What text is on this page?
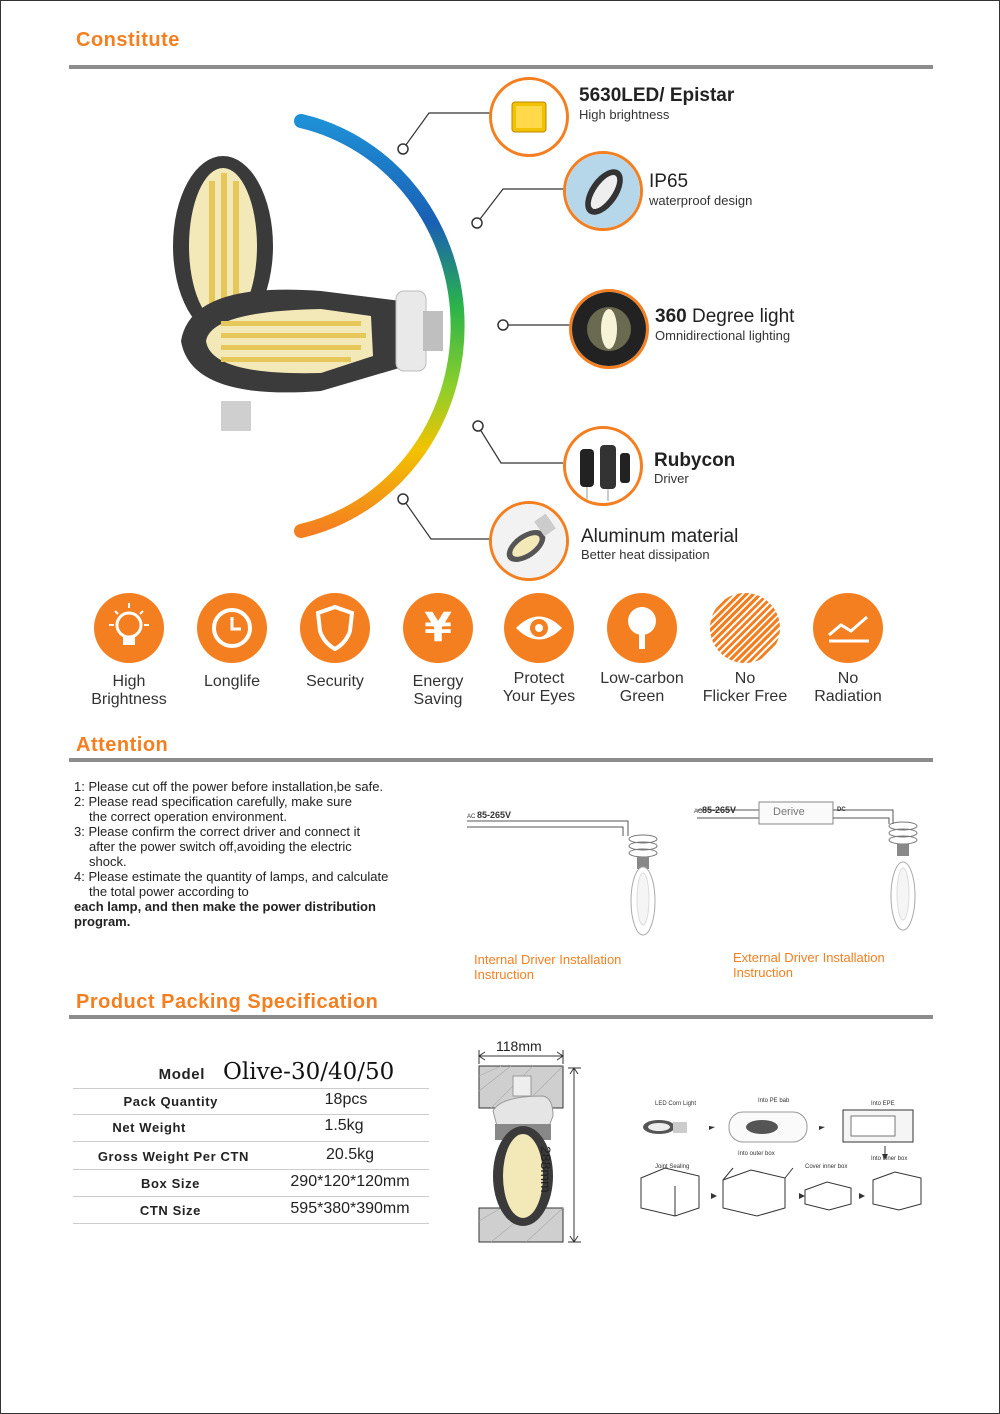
Constitute
5630LED/ Epistar
High brightness
IP65
waterproof design
360 Degree light
Omnidirectional lighting
Rubycon
Driver
Aluminum material
Better heat dissipation
¥
High
Brightness
Longlife	Security	Energy
Saving
Protect
Your Eyes
Low-carbon
Green
No
Flicker Free
No
Radiation
Attention
1: Please cut off the power before installation,be safe.
2: Please read specification carefully, make sure
the correct operation environment.
3: Please confirm the correct driver and connect it
after the power switch off,avoiding the electric
shock.
4: Please estimate the quantity of lamps, and calculate
the total power according to
each lamp, and then make the power distribution
program.
AC 85-265V	AC 85-265V	Derive	DC
Internal Driver Installation
Instruction
External Driver Installation
Instruction
Product Packing Specification
Model Olive-30/40/50
Pack Quantity	18pcs
Net Weight	1.5kg
Gross Weight Per CTN	20.5kg
Box Size	290*120*120mm
CTN Size	595*380*390mm
118mm
288mm
LED Corn Light	Into PE bab	Into EPE
Into outer box
Into inner box
Joint Sealing	Cover inner box
